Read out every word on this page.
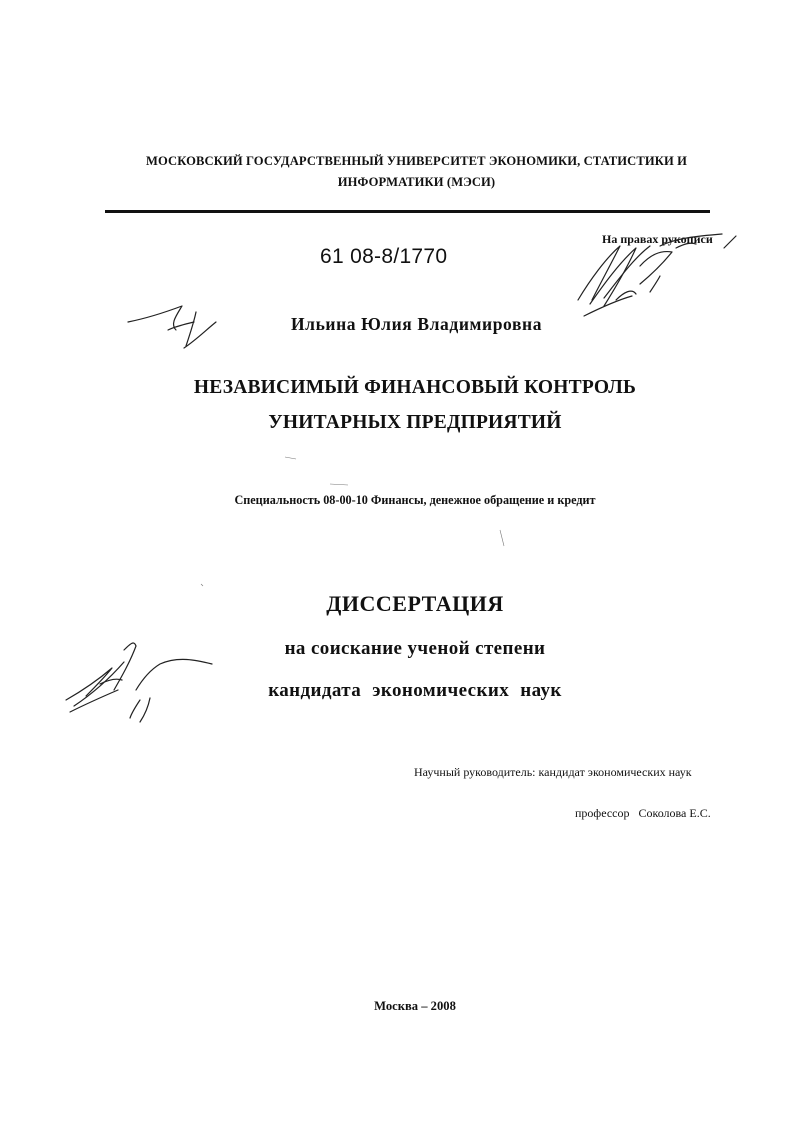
МОСКОВСКИЙ ГОСУДАРСТВЕННЫЙ УНИВЕРСИТЕТ ЭКОНОМИКИ, СТАТИСТИКИ И ИНФОРМАТИКИ (МЭСИ)
На правах рукописи
61 08-8/1770
Ильина Юлия Владимировна
НЕЗАВИСИМЫЙ ФИНАНСОВЫЙ КОНТРОЛЬ
УНИТАРНЫХ ПРЕДПРИЯТИЙ
Специальность 08-00-10 Финансы, денежное обращение и кредит
ДИССЕРТАЦИЯ
на соискание ученой степени
кандидата экономических наук
Научный руководитель: кандидат экономических наук
профессор   Соколова Е.С.
Москва – 2008
